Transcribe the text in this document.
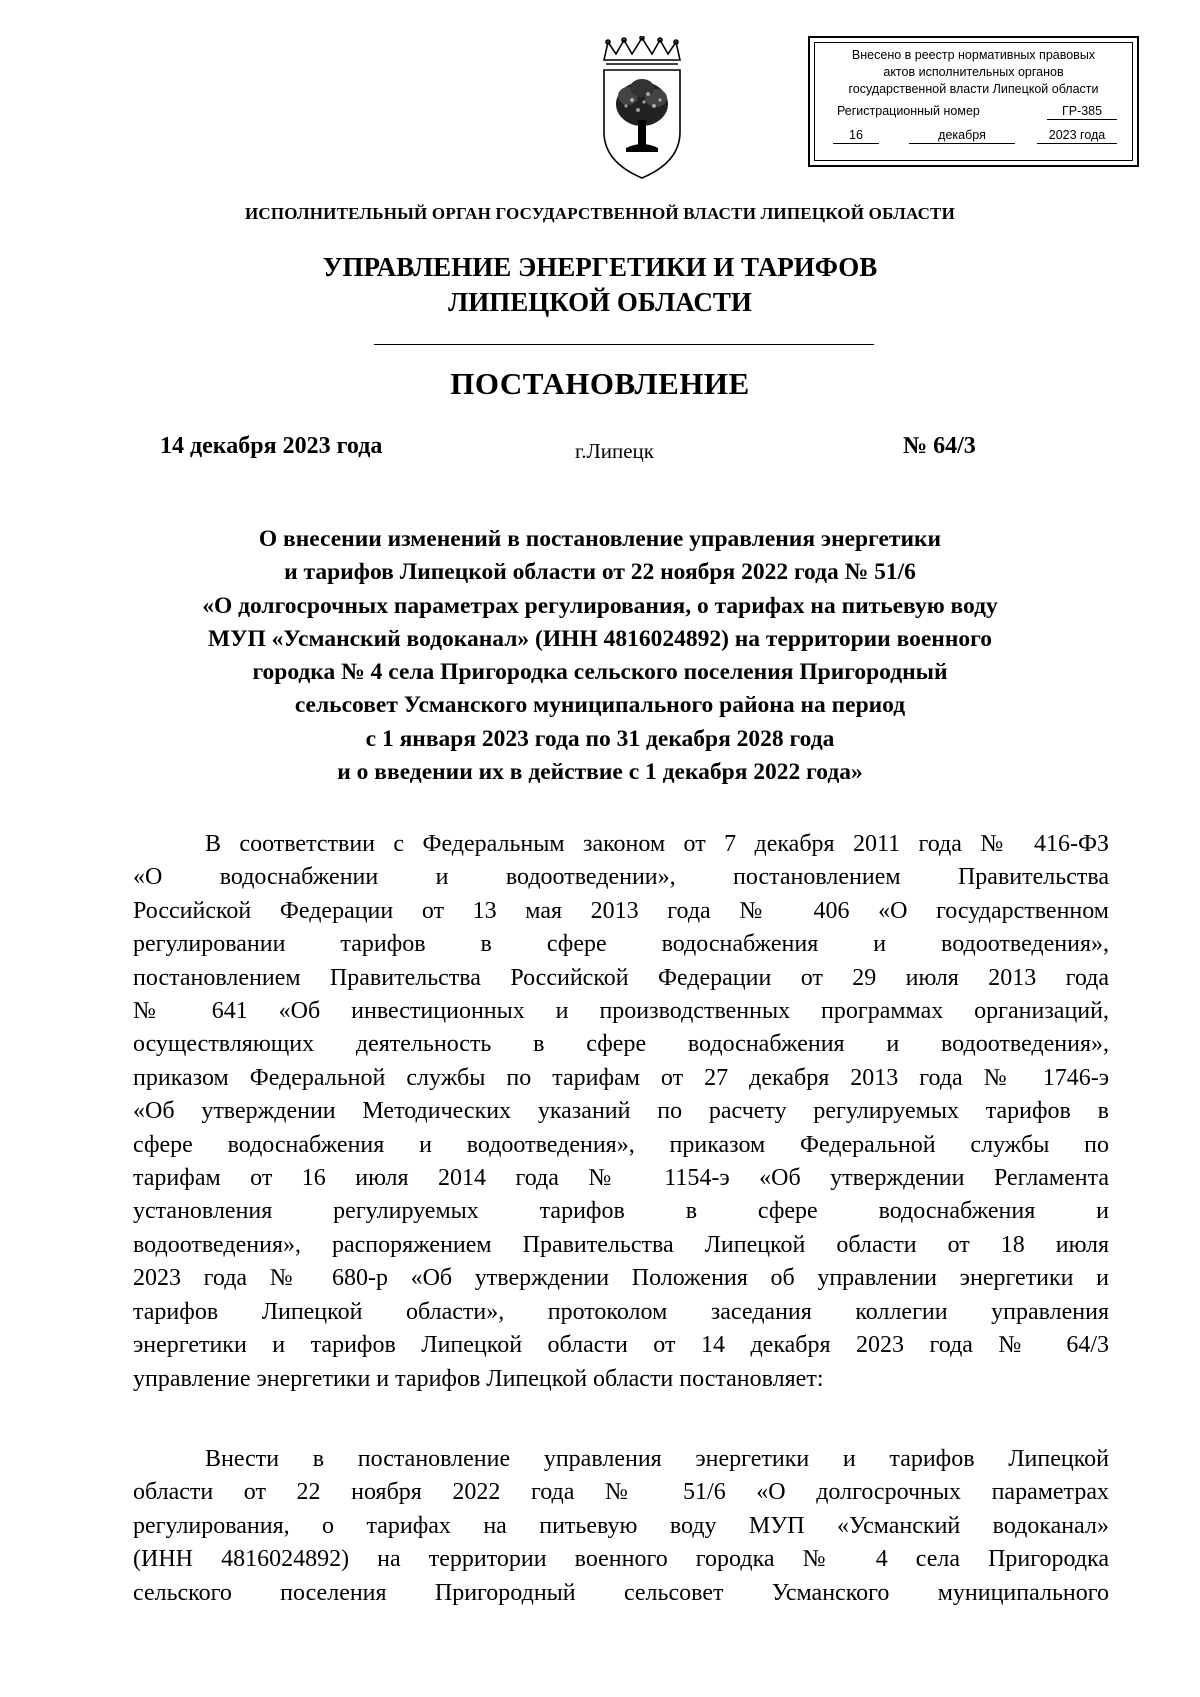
Внесено в реестр нормативных правовых
актов исполнительных органов
государственной власти Липецкой области
Регистрационный номер	ГР-385
16	декабря	2023 года
ИСПОЛНИТЕЛЬНЫЙ ОРГАН ГОСУДАРСТВЕННОЙ ВЛАСТИ ЛИПЕЦКОЙ ОБЛАСТИ
УПРАВЛЕНИЕ ЭНЕРГЕТИКИ И ТАРИФОВ
ЛИПЕЦКОЙ ОБЛАСТИ
ПОСТАНОВЛЕНИЕ
14 декабря 2023 года	г.Липецк	№ 64/3
О внесении изменений в постановление управления энергетики
и тарифов Липецкой области от 22 ноября 2022 года № 51/6
«О долгосрочных параметрах регулирования, о тарифах на питьевую воду
МУП «Усманский водоканал» (ИНН 4816024892) на территории военного
городка № 4 села Пригородка сельского поселения Пригородный
сельсовет Усманского муниципального района на период
с 1 января 2023 года по 31 декабря 2028 года
и о введении их в действие с 1 декабря 2022 года»
В соответствии с Федеральным законом от 7 декабря 2011 года № 416-ФЗ
«О водоснабжении и водоотведении», постановлением Правительства
Российской Федерации от 13 мая 2013 года № 406 «О государственном
регулировании тарифов в сфере водоснабжения и водоотведения»,
постановлением Правительства Российской Федерации от 29 июля 2013 года
№ 641 «Об инвестиционных и производственных программах организаций,
осуществляющих деятельность в сфере водоснабжения и водоотведения»,
приказом Федеральной службы по тарифам от 27 декабря 2013 года № 1746-э
«Об утверждении Методических указаний по расчету регулируемых тарифов в
сфере водоснабжения и водоотведения», приказом Федеральной службы по
тарифам от 16 июля 2014 года № 1154-э «Об утверждении Регламента
установления регулируемых тарифов в сфере водоснабжения и
водоотведения», распоряжением Правительства Липецкой области от 18 июля
2023 года № 680-р «Об утверждении Положения об управлении энергетики и
тарифов Липецкой области», протоколом заседания коллегии управления
энергетики и тарифов Липецкой области от 14 декабря 2023 года № 64/3
управление энергетики и тарифов Липецкой области постановляет:
Внести в постановление управления энергетики и тарифов Липецкой
области от 22 ноября 2022 года № 51/6 «О долгосрочных параметрах
регулирования, о тарифах на питьевую воду МУП «Усманский водоканал»
(ИНН 4816024892) на территории военного городка № 4 села Пригородка
сельского поселения Пригородный сельсовет Усманского муниципального
